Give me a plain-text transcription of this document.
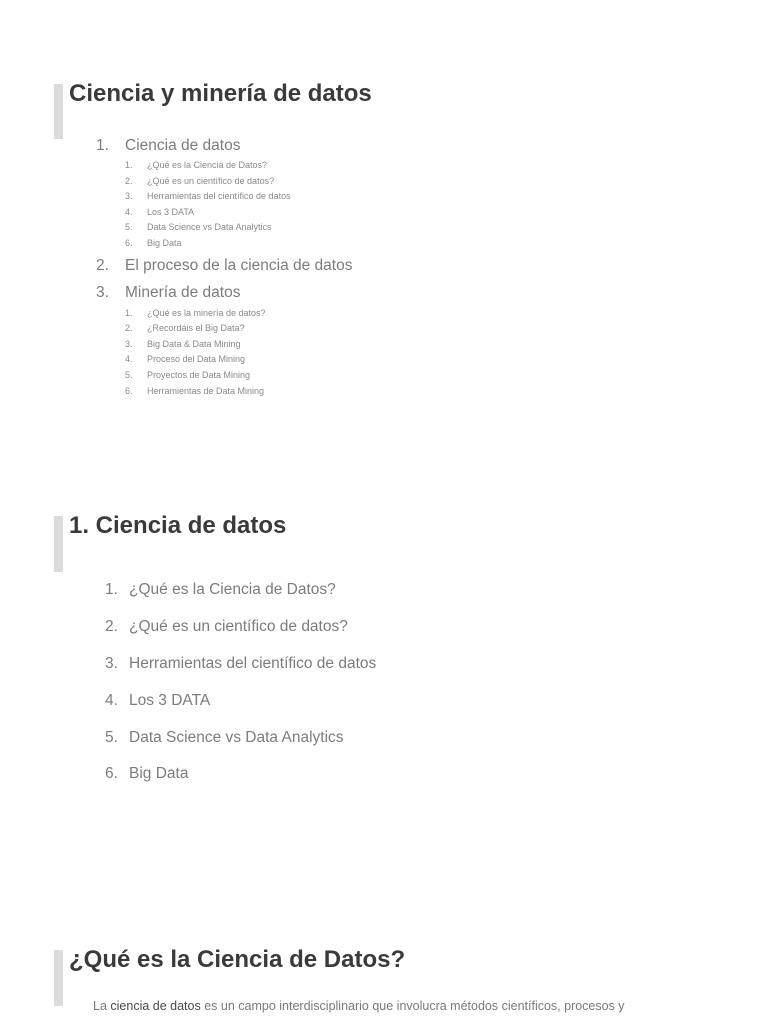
Ciencia y minería de datos
1. Ciencia de datos
1. ¿Qué es la Ciencia de Datos?
2. ¿Qué es un científico de datos?
3. Herramientas del científico de datos
4. Los 3 DATA
5. Data Science vs Data Analytics
6. Big Data
2. El proceso de la ciencia de datos
3. Minería de datos
1. ¿Qué es la minería de datos?
2. ¿Recordáis el Big Data?
3. Big Data & Data Mining
4. Proceso del Data Mining
5. Proyectos de Data Mining
6. Herramientas de Data Mining
1. Ciencia de datos
1. ¿Qué es la Ciencia de Datos?
2. ¿Qué es un científico de datos?
3. Herramientas del científico de datos
4. Los 3 DATA
5. Data Science vs Data Analytics
6. Big Data
¿Qué es la Ciencia de Datos?
La ciencia de datos es un campo interdisciplinario que involucra métodos científicos, procesos y
